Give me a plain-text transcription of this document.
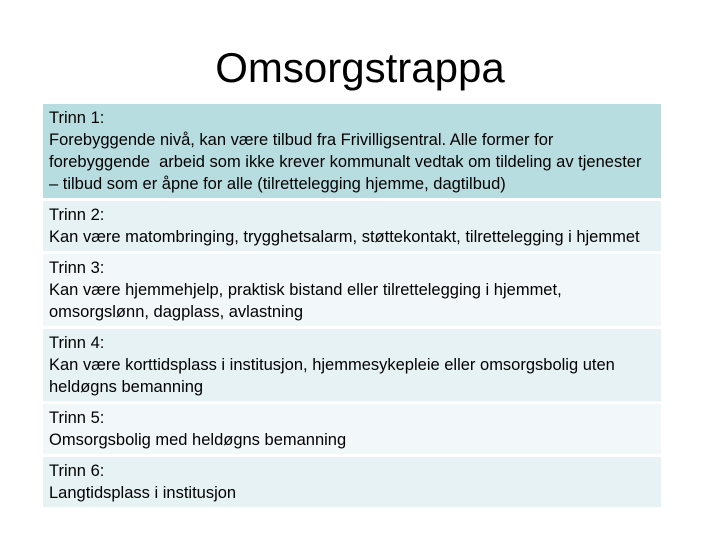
Omsorgstrappa
Trinn 1:
Forebyggende nivå, kan være tilbud fra Frivilligsentral. Alle former for forebyggende  arbeid som ikke krever kommunalt vedtak om tildeling av tjenester – tilbud som er åpne for alle (tilrettelegging hjemme, dagtilbud)
Trinn 2:
Kan være matombringing, trygghetsalarm, støttekontakt, tilrettelegging i hjemmet
Trinn 3:
Kan være hjemmehjelp, praktisk bistand eller tilrettelegging i hjemmet, omsorgslønn, dagplass, avlastning
Trinn 4:
Kan være korttidsplass i institusjon, hjemmesykepleie eller omsorgsbolig uten heldøgns bemanning
Trinn 5:
Omsorgsbolig med heldøgns bemanning
Trinn 6:
Langtidsplass i institusjon
